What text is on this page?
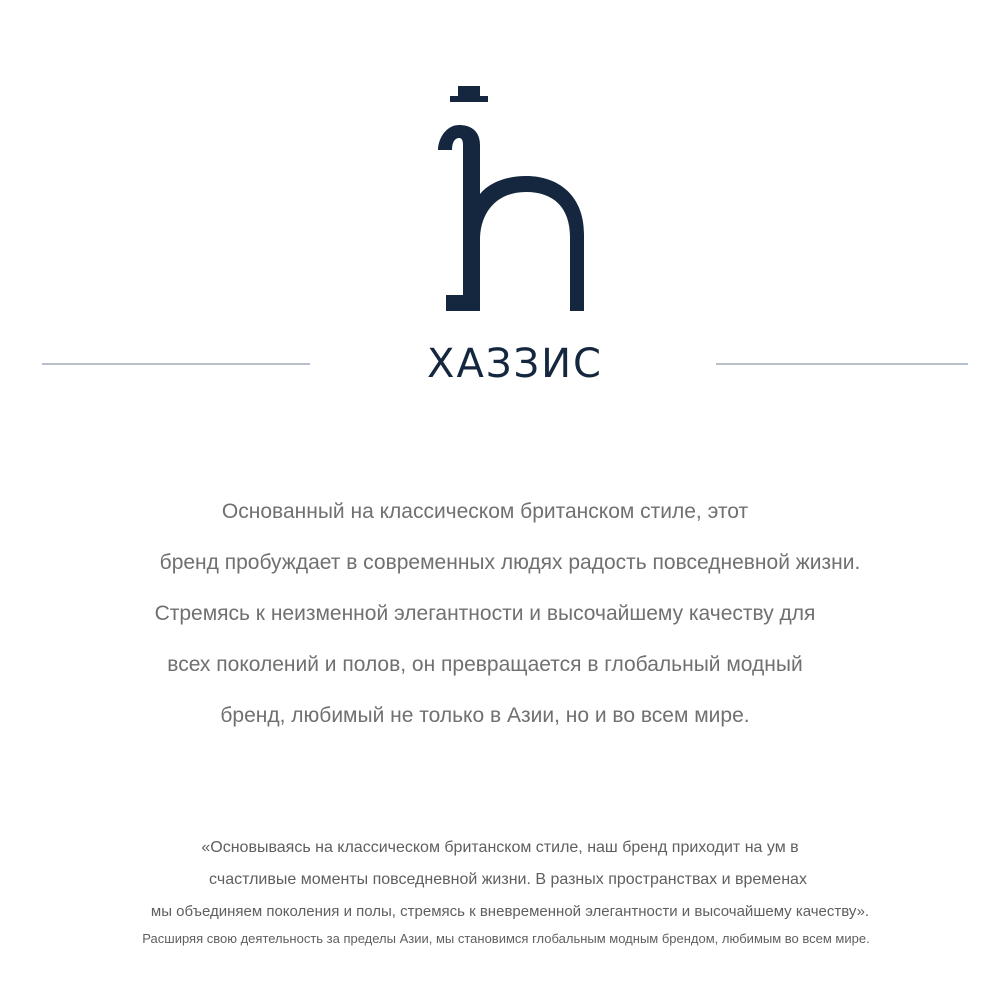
ХАЗЗИС
Основанный на классическом британском стиле, этот
бренд пробуждает в современных людях радость повседневной жизни.
Стремясь к неизменной элегантности и высочайшему качеству для
всех поколений и полов, он превращается в глобальный модный
бренд, любимый не только в Азии, но и во всем мире.
«Основываясь на классическом британском стиле, наш бренд приходит на ум в
счастливые моменты повседневной жизни. В разных пространствах и временах
мы объединяем поколения и полы, стремясь к вневременной элегантности и высочайшему качеству».
Расширяя свою деятельность за пределы Азии, мы становимся глобальным модным брендом, любимым во всем мире.
